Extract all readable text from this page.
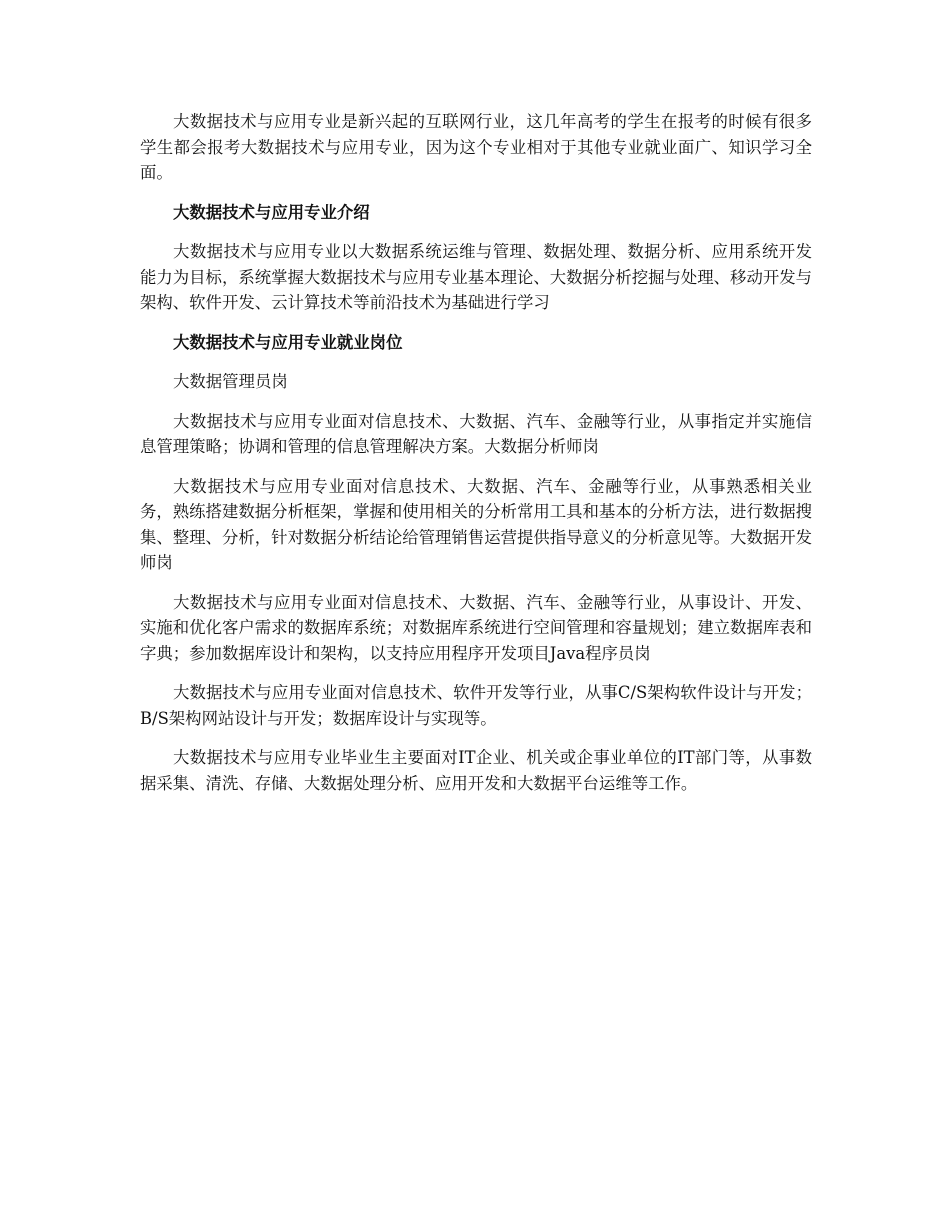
大数据技术与应用专业是新兴起的互联网行业，这几年高考的学生在报考的时候有很多学生都会报考大数据技术与应用专业，因为这个专业相对于其他专业就业面广、知识学习全面。

大数据技术与应用专业介绍

大数据技术与应用专业以大数据系统运维与管理、数据处理、数据分析、应用系统开发能力为目标，系统掌握大数据技术与应用专业基本理论、大数据分析挖掘与处理、移动开发与架构、软件开发、云计算技术等前沿技术为基础进行学习

大数据技术与应用专业就业岗位

大数据管理员岗

大数据技术与应用专业面对信息技术、大数据、汽车、金融等行业，从事指定并实施信息管理策略；协调和管理的信息管理解决方案。大数据分析师岗

大数据技术与应用专业面对信息技术、大数据、汽车、金融等行业，从事熟悉相关业务，熟练搭建数据分析框架，掌握和使用相关的分析常用工具和基本的分析方法，进行数据搜集、整理、分析，针对数据分析结论给管理销售运营提供指导意义的分析意见等。大数据开发师岗

大数据技术与应用专业面对信息技术、大数据、汽车、金融等行业，从事设计、开发、实施和优化客户需求的数据库系统；对数据库系统进行空间管理和容量规划；建立数据库表和字典；参加数据库设计和架构，以支持应用程序开发项目Java程序员岗

大数据技术与应用专业面对信息技术、软件开发等行业，从事C/S架构软件设计与开发；B/S架构网站设计与开发；数据库设计与实现等。

大数据技术与应用专业毕业生主要面对IT企业、机关或企事业单位的IT部门等，从事数据采集、清洗、存储、大数据处理分析、应用开发和大数据平台运维等工作。
